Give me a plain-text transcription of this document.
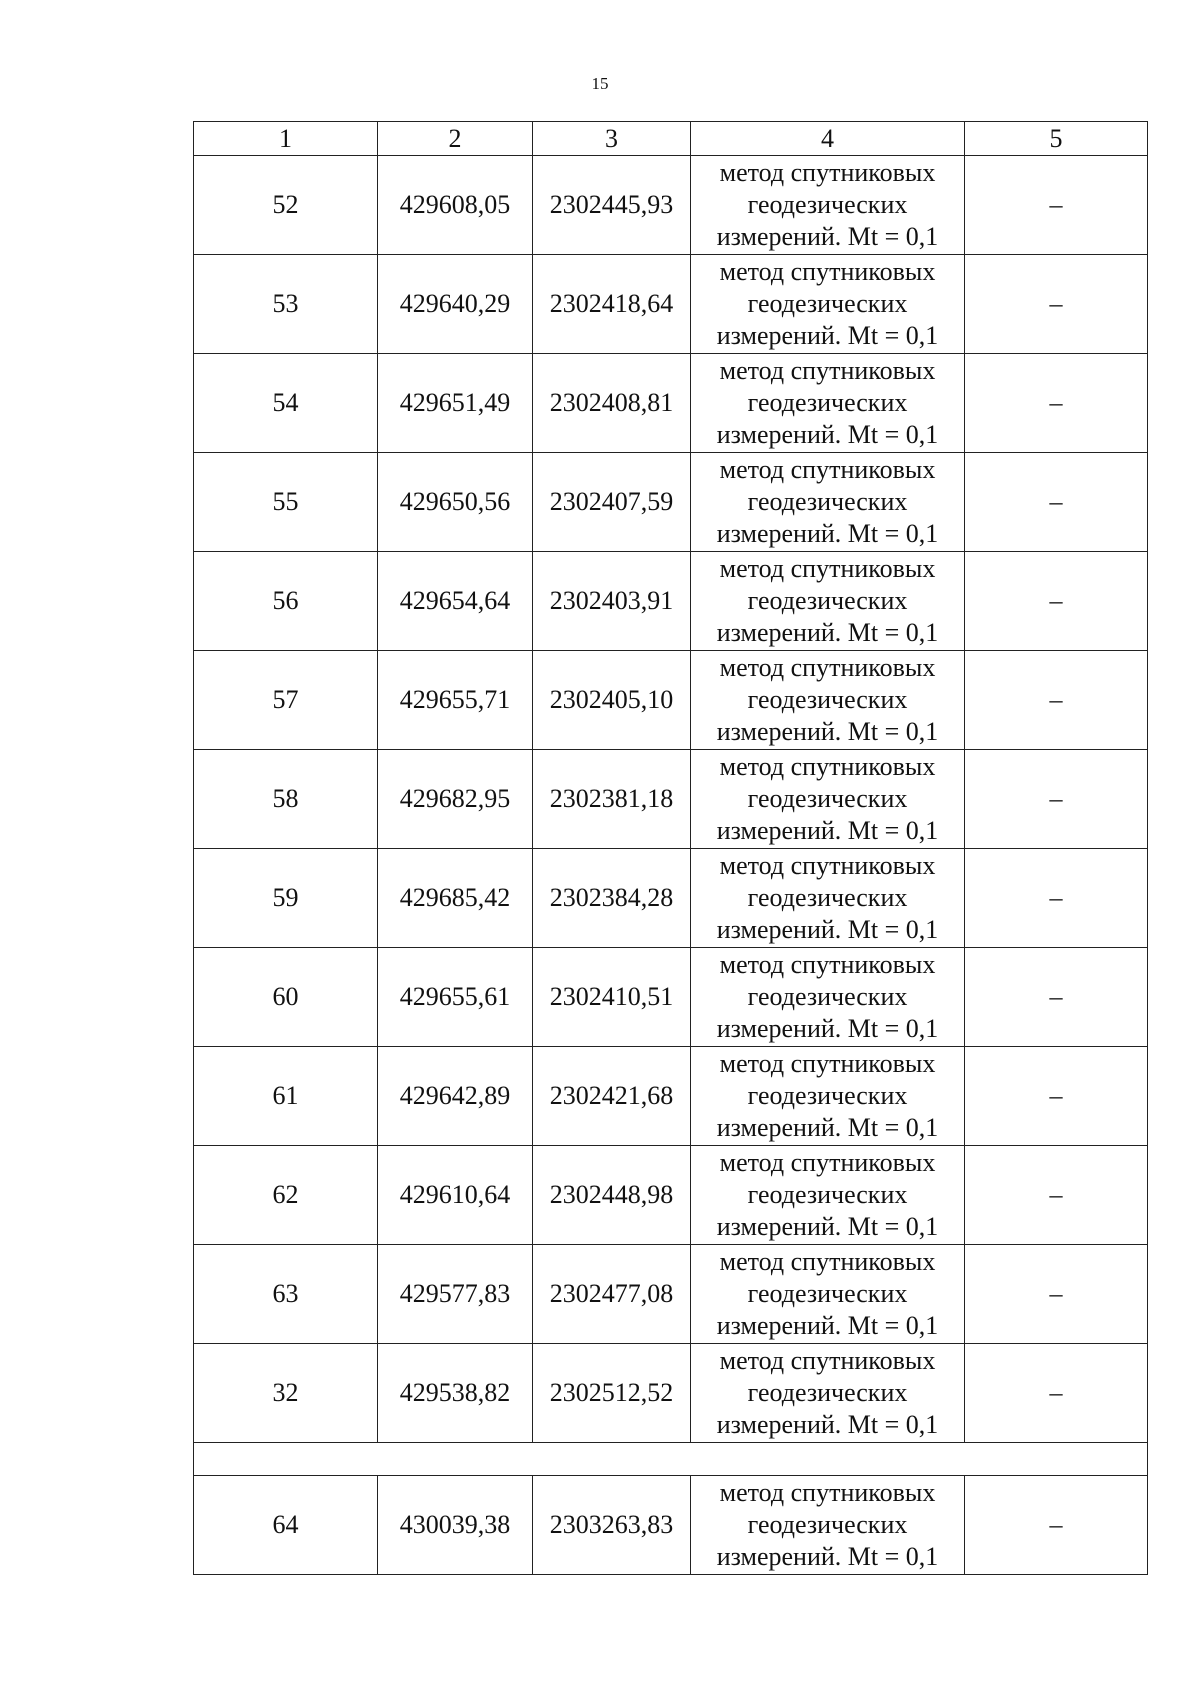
15
1	2	3	4	5
52	429608,05	2302445,93	метод спутниковых
геодезических
измерений. Mt = 0,1	–
53	429640,29	2302418,64	метод спутниковых
геодезических
измерений. Mt = 0,1	–
54	429651,49	2302408,81	метод спутниковых
геодезических
измерений. Mt = 0,1	–
55	429650,56	2302407,59	метод спутниковых
геодезических
измерений. Mt = 0,1	–
56	429654,64	2302403,91	метод спутниковых
геодезических
измерений. Mt = 0,1	–
57	429655,71	2302405,10	метод спутниковых
геодезических
измерений. Mt = 0,1	–
58	429682,95	2302381,18	метод спутниковых
геодезических
измерений. Mt = 0,1	–
59	429685,42	2302384,28	метод спутниковых
геодезических
измерений. Mt = 0,1	–
60	429655,61	2302410,51	метод спутниковых
геодезических
измерений. Mt = 0,1	–
61	429642,89	2302421,68	метод спутниковых
геодезических
измерений. Mt = 0,1	–
62	429610,64	2302448,98	метод спутниковых
геодезических
измерений. Mt = 0,1	–
63	429577,83	2302477,08	метод спутниковых
геодезических
измерений. Mt = 0,1	–
32	429538,82	2302512,52	метод спутниковых
геодезических
измерений. Mt = 0,1	–

64	430039,38	2303263,83	метод спутниковых
геодезических
измерений. Mt = 0,1	–
